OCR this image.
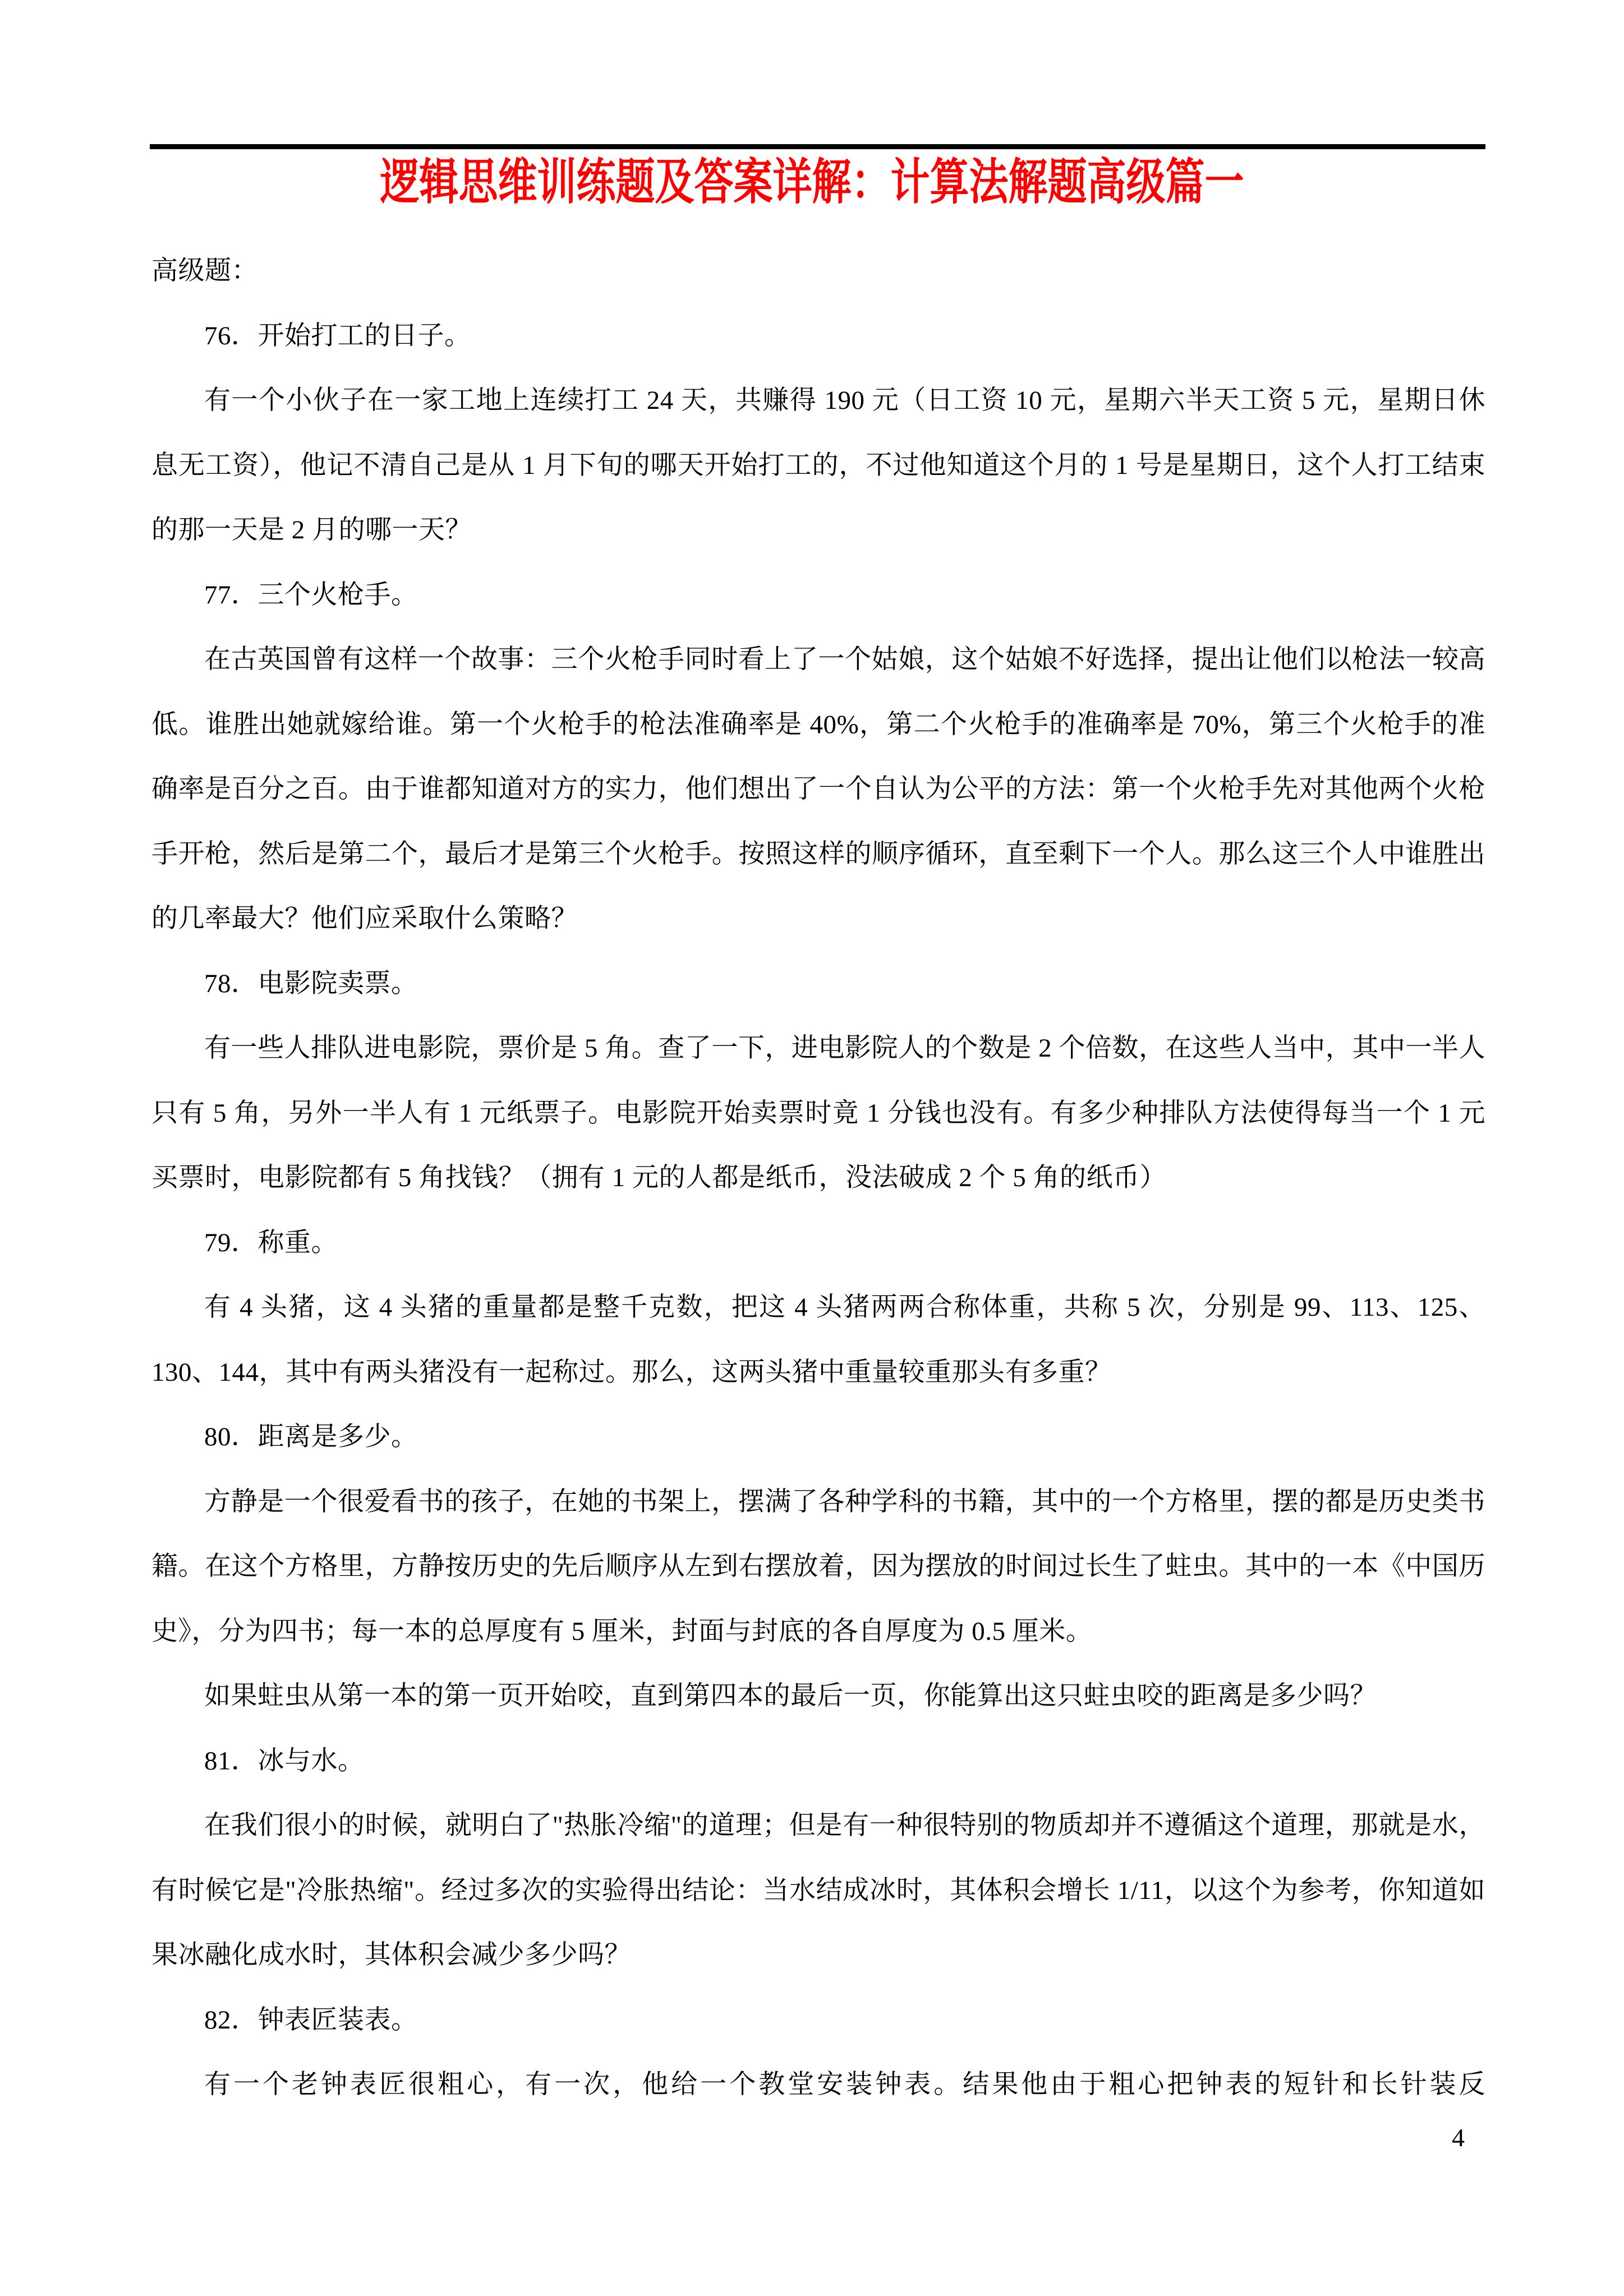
逻辑思维训练题及答案详解：计算法解题高级篇一

高级题：

76．开始打工的日子。

有一个小伙子在一家工地上连续打工 24 天，共赚得 190 元（日工资 10 元，星期六半天工资 5 元，星期日休息无工资），他记不清自己是从 1 月下旬的哪天开始打工的，不过他知道这个月的 1 号是星期日，这个人打工结束的那一天是 2 月的哪一天？

77．三个火枪手。

在古英国曾有这样一个故事：三个火枪手同时看上了一个姑娘，这个姑娘不好选择，提出让他们以枪法一较高低。谁胜出她就嫁给谁。第一个火枪手的枪法准确率是 40%，第二个火枪手的准确率是 70%，第三个火枪手的准确率是百分之百。由于谁都知道对方的实力，他们想出了一个自认为公平的方法：第一个火枪手先对其他两个火枪手开枪，然后是第二个，最后才是第三个火枪手。按照这样的顺序循环，直至剩下一个人。那么这三个人中谁胜出的几率最大？他们应采取什么策略？

78．电影院卖票。

有一些人排队进电影院，票价是 5 角。查了一下，进电影院人的个数是 2 个倍数，在这些人当中，其中一半人只有 5 角，另外一半人有 1 元纸票子。电影院开始卖票时竟 1 分钱也没有。有多少种排队方法使得每当一个 1 元买票时，电影院都有 5 角找钱？（拥有 1 元的人都是纸币，没法破成 2 个 5 角的纸币）

79．称重。

有 4 头猪，这 4 头猪的重量都是整千克数，把这 4 头猪两两合称体重，共称 5 次，分别是 99、113、125、130、144，其中有两头猪没有一起称过。那么，这两头猪中重量较重那头有多重？

80．距离是多少。

方静是一个很爱看书的孩子，在她的书架上，摆满了各种学科的书籍，其中的一个方格里，摆的都是历史类书籍。在这个方格里，方静按历史的先后顺序从左到右摆放着，因为摆放的时间过长生了蛀虫。其中的一本《中国历史》，分为四书；每一本的总厚度有 5 厘米，封面与封底的各自厚度为 0.5 厘米。

如果蛀虫从第一本的第一页开始咬，直到第四本的最后一页，你能算出这只蛀虫咬的距离是多少吗？

81．冰与水。

在我们很小的时候，就明白了"热胀冷缩"的道理；但是有一种很特别的物质却并不遵循这个道理，那就是水，有时候它是"冷胀热缩"。经过多次的实验得出结论：当水结成冰时，其体积会增长 1/11，以这个为参考，你知道如果冰融化成水时，其体积会减少多少吗？

82．钟表匠装表。

有一个老钟表匠很粗心，有一次，他给一个教堂安装钟表。结果他由于粗心把钟表的短针和长针装反

4
